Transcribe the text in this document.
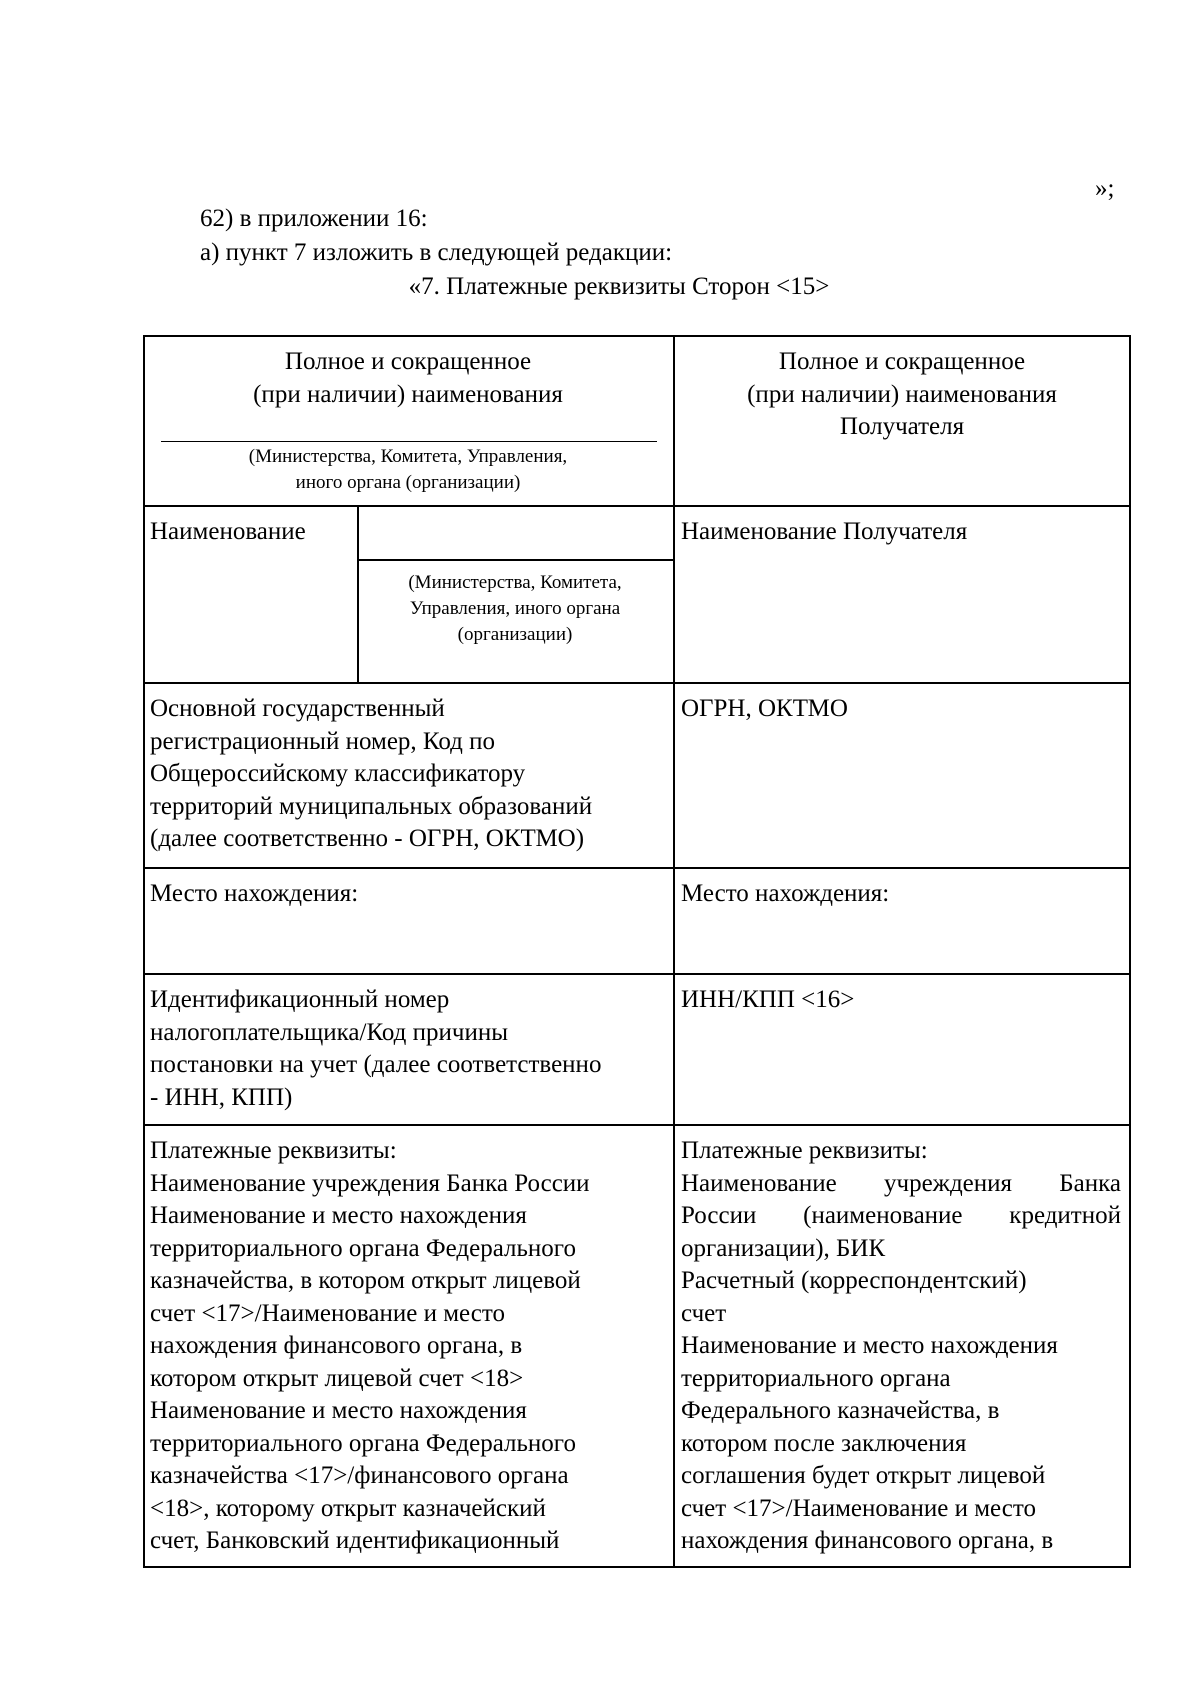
»;
62) в приложении 16:
а) пункт 7 изложить в следующей редакции:
«7. Платежные реквизиты Сторон <15>
Полное и сокращенное
(при наличии) наименования
(Министерства, Комитета, Управления,
иного органа (организации)
Полное и сокращенное
(при наличии) наименования
Получателя
Наименование
(Министерства, Комитета,
Управления, иного органа
(организации)
Наименование Получателя
Основной государственный
регистрационный номер, Код по
Общероссийскому классификатору
территорий муниципальных образований
(далее соответственно - ОГРН, ОКТМО)
ОГРН, ОКТМО
Место нахождения:	Место нахождения:
Идентификационный номер
налогоплательщика/Код причины
постановки на учет (далее соответственно
- ИНН, КПП)
ИНН/КПП <16>
Платежные реквизиты:
Наименование учреждения Банка России
Наименование и место нахождения
территориального органа Федерального
казначейства, в котором открыт лицевой
счет <17>/Наименование и место
нахождения финансового органа, в
котором открыт лицевой счет <18>
Наименование и место нахождения
территориального органа Федерального
казначейства <17>/финансового органа
<18>, которому открыт казначейский
счет, Банковский идентификационный
Платежные реквизиты:
Наименование учреждения Банка
России (наименование кредитной
организации), БИК
Расчетный (корреспондентский)
счет
Наименование и место нахождения
территориального органа
Федерального казначейства, в
котором после заключения
соглашения будет открыт лицевой
счет <17>/Наименование и место
нахождения финансового органа, в
